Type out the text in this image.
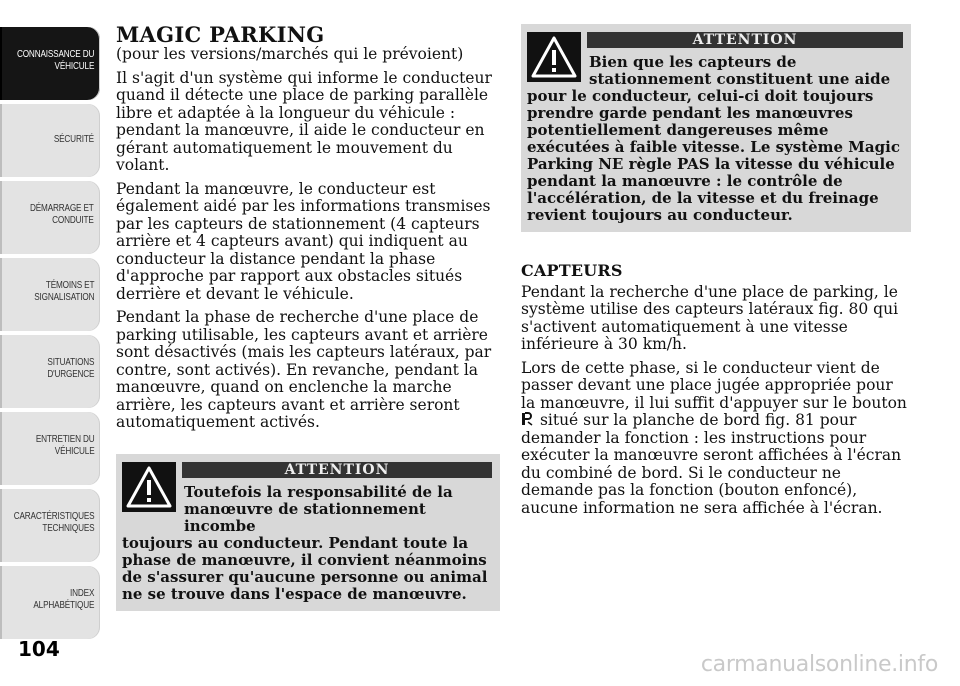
CONNAISSANCE DU
VÉHICULE
SÉCURITÉ
DÉMARRAGE ET
CONDUITE
TÉMOINS ET
SIGNALISATION
SITUATIONS
D'URGENCE
ENTRETIEN DU
VÉHICULE
CARACTÉRISTIQUES
TECHNIQUES
INDEX
ALPHABÉTIQUE
104
carmanualsonline.info
MAGIC PARKING

(pour les versions/marchés qui le prévoient)

Il s'agit d'un système qui informe le conducteur quand il détecte une place de parking parallèle libre et adaptée à la longueur du véhicule : pendant la manœuvre, il aide le conducteur en gérant automatiquement le mouvement du volant.

Pendant la manœuvre, le conducteur est également aidé par les informations transmises par les capteurs de stationnement (4 capteurs arrière et 4 capteurs avant) qui indiquent au conducteur la distance pendant la phase d'approche par rapport aux obstacles situés derrière et devant le véhicule.

Pendant la phase de recherche d'une place de parking utilisable, les capteurs avant et arrière sont désactivés (mais les capteurs latéraux, par contre, sont activés). En revanche, pendant la manœuvre, quand on enclenche la marche arrière, les capteurs avant et arrière seront automatiquement activés.

ATTENTION
Toutefois la responsabilité de la manœuvre de stationnement incombe
toujours au conducteur. Pendant toute la phase de manœuvre, il convient néanmoins de s'assurer qu'aucune personne ou animal ne se trouve dans l'espace de manœuvre.
ATTENTION
Bien que les capteurs de stationnement constituent une aide
pour le conducteur, celui-ci doit toujours prendre garde pendant les manœuvres potentiellement dangereuses même exécutées à faible vitesse. Le système Magic Parking NE règle PAS la vitesse du véhicule pendant la manœuvre : le contrôle de l'accélération, de la vitesse et du freinage revient toujours au conducteur.
CAPTEURS

Pendant la recherche d'une place de parking, le système utilise des capteurs latéraux fig. 80 qui s'activent automatiquement à une vitesse inférieure à 30 km/h.

Lors de cette phase, si le conducteur vient de passer devant une place jugée appropriée pour la manœuvre, il lui suffit d'appuyer sur le bouton  situé sur la planche de bord fig. 81 pour demander la fonction : les instructions pour exécuter la manœuvre seront affichées à l'écran du combiné de bord. Si le conducteur ne demande pas la fonction (bouton enfoncé), aucune information ne sera affichée à l'écran.
